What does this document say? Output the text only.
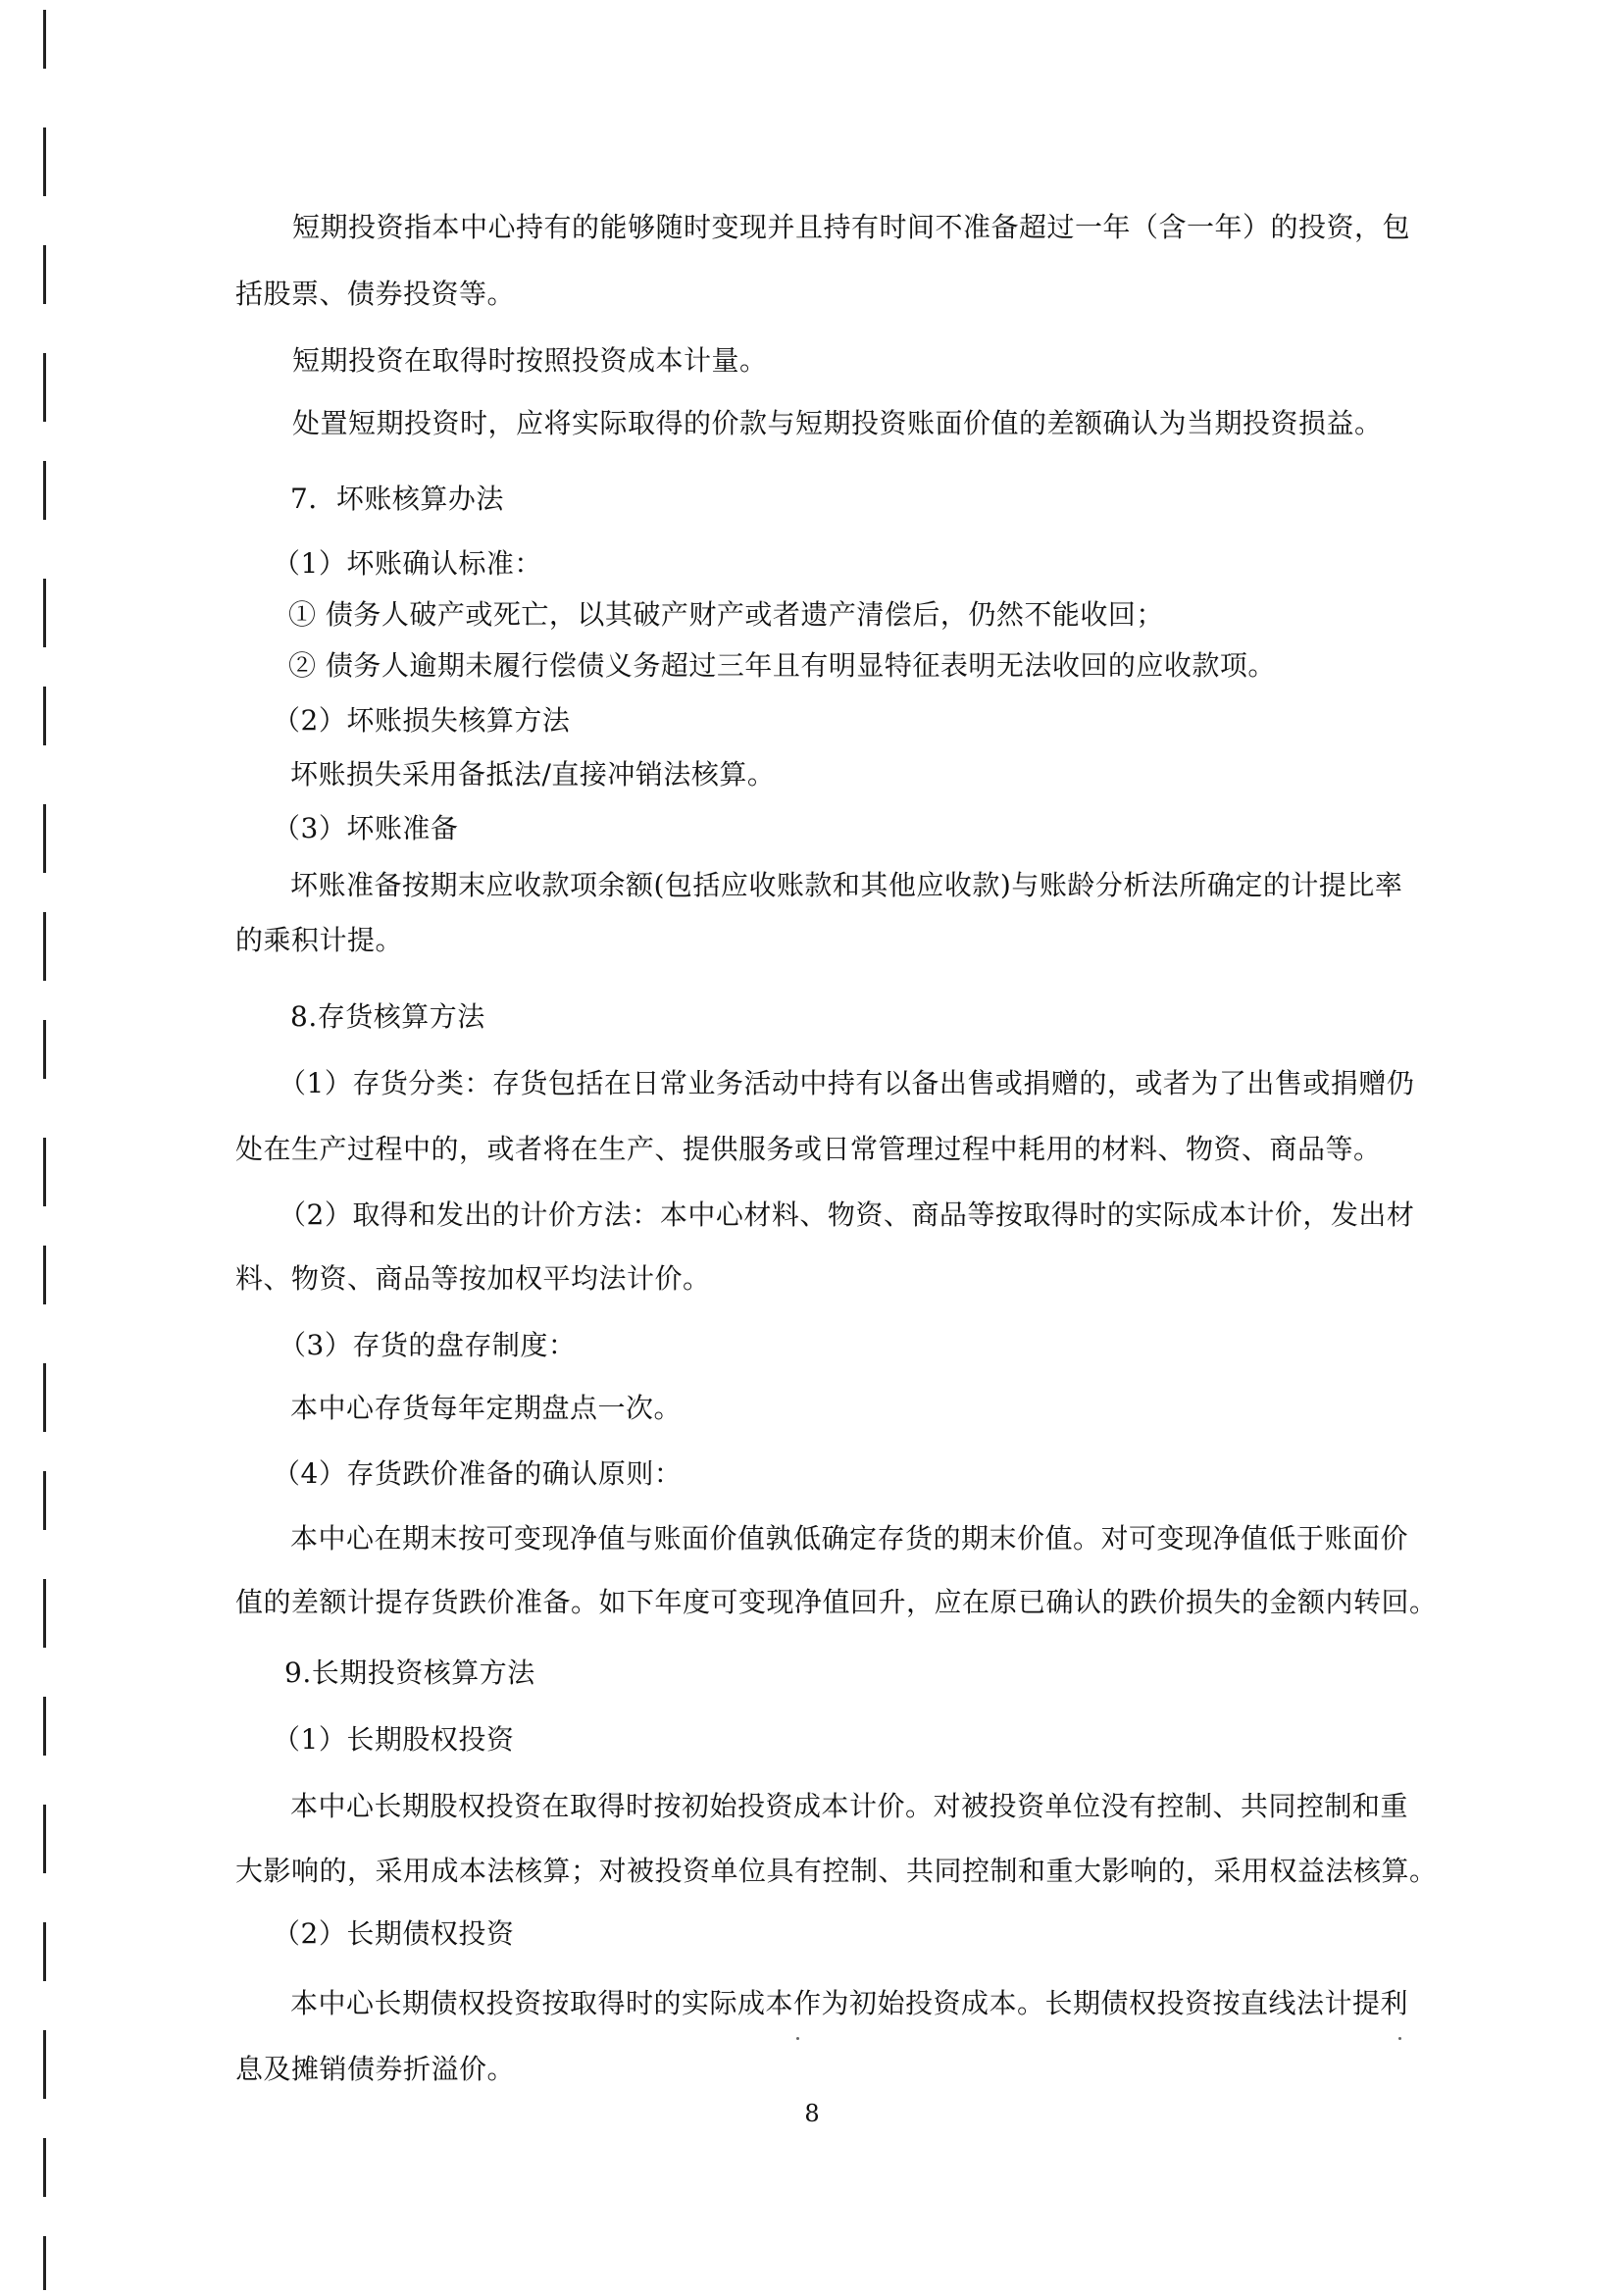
短期投资指本中心持有的能够随时变现并且持有时间不准备超过一年（含一年）的投资，包
括股票、债券投资等。
短期投资在取得时按照投资成本计量。
处置短期投资时，应将实际取得的价款与短期投资账面价值的差额确认为当期投资损益。
7．坏账核算办法
（1）坏账确认标准：
① 债务人破产或死亡，以其破产财产或者遗产清偿后，仍然不能收回；
② 债务人逾期未履行偿债义务超过三年且有明显特征表明无法收回的应收款项。
（2）坏账损失核算方法
坏账损失采用备抵法/直接冲销法核算。
（3）坏账准备
坏账准备按期末应收款项余额(包括应收账款和其他应收款)与账龄分析法所确定的计提比率
的乘积计提。
8.存货核算方法
（1）存货分类：存货包括在日常业务活动中持有以备出售或捐赠的，或者为了出售或捐赠仍
处在生产过程中的，或者将在生产、提供服务或日常管理过程中耗用的材料、物资、商品等。
（2）取得和发出的计价方法：本中心材料、物资、商品等按取得时的实际成本计价，发出材
料、物资、商品等按加权平均法计价。
（3）存货的盘存制度：
本中心存货每年定期盘点一次。
（4）存货跌价准备的确认原则：
本中心在期末按可变现净值与账面价值孰低确定存货的期末价值。对可变现净值低于账面价
值的差额计提存货跌价准备。如下年度可变现净值回升，应在原已确认的跌价损失的金额内转回。
9.长期投资核算方法
（1）长期股权投资
本中心长期股权投资在取得时按初始投资成本计价。对被投资单位没有控制、共同控制和重
大影响的，采用成本法核算；对被投资单位具有控制、共同控制和重大影响的，采用权益法核算。
（2）长期债权投资
本中心长期债权投资按取得时的实际成本作为初始投资成本。长期债权投资按直线法计提利
息及摊销债券折溢价。
8
